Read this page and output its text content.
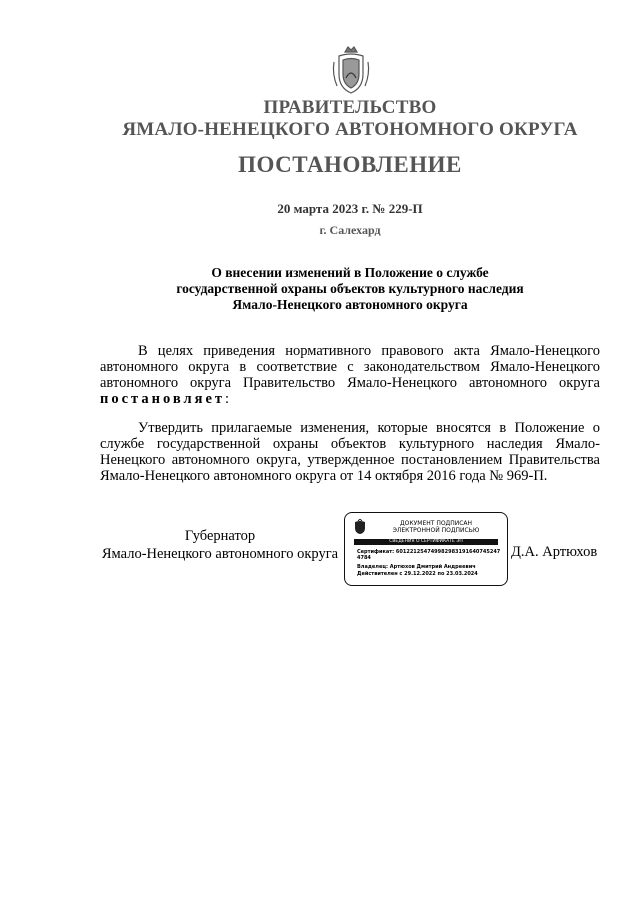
ПРАВИТЕЛЬСТВО
ЯМАЛО-НЕНЕЦКОГО АВТОНОМНОГО ОКРУГА
ПОСТАНОВЛЕНИЕ
20 марта 2023 г. № 229-П
г. Салехард
О внесении изменений в Положение о службе
государственной охраны объектов культурного наследия
Ямало-Ненецкого автономного округа
В целях приведения нормативного правового акта Ямало-Ненецкого автономного округа в соответствие с законодательством Ямало-Ненецкого автономного округа Правительство Ямало-Ненецкого автономного округа постановляет:
Утвердить прилагаемые изменения, которые вносятся в Положение о службе государственной охраны объектов культурного наследия Ямало-Ненецкого автономного округа, утвержденное постановлением Правительства Ямало-Ненецкого автономного округа от 14 октября 2016 года № 969-П.
Губернатор
Ямало-Ненецкого автономного округа
ДОКУМЕНТ ПОДПИСАН
ЭЛЕКТРОННОЙ ПОДПИСЬЮ
СВЕДЕНИЯ О СЕРТИФИКАТЕ ЭП
Сертификат: 601221254749982983191640745247
4784
Владелец: Артюхов Дмитрий Андреевич
Действителен с 29.12.2022 по 23.03.2024
Д.А. Артюхов
